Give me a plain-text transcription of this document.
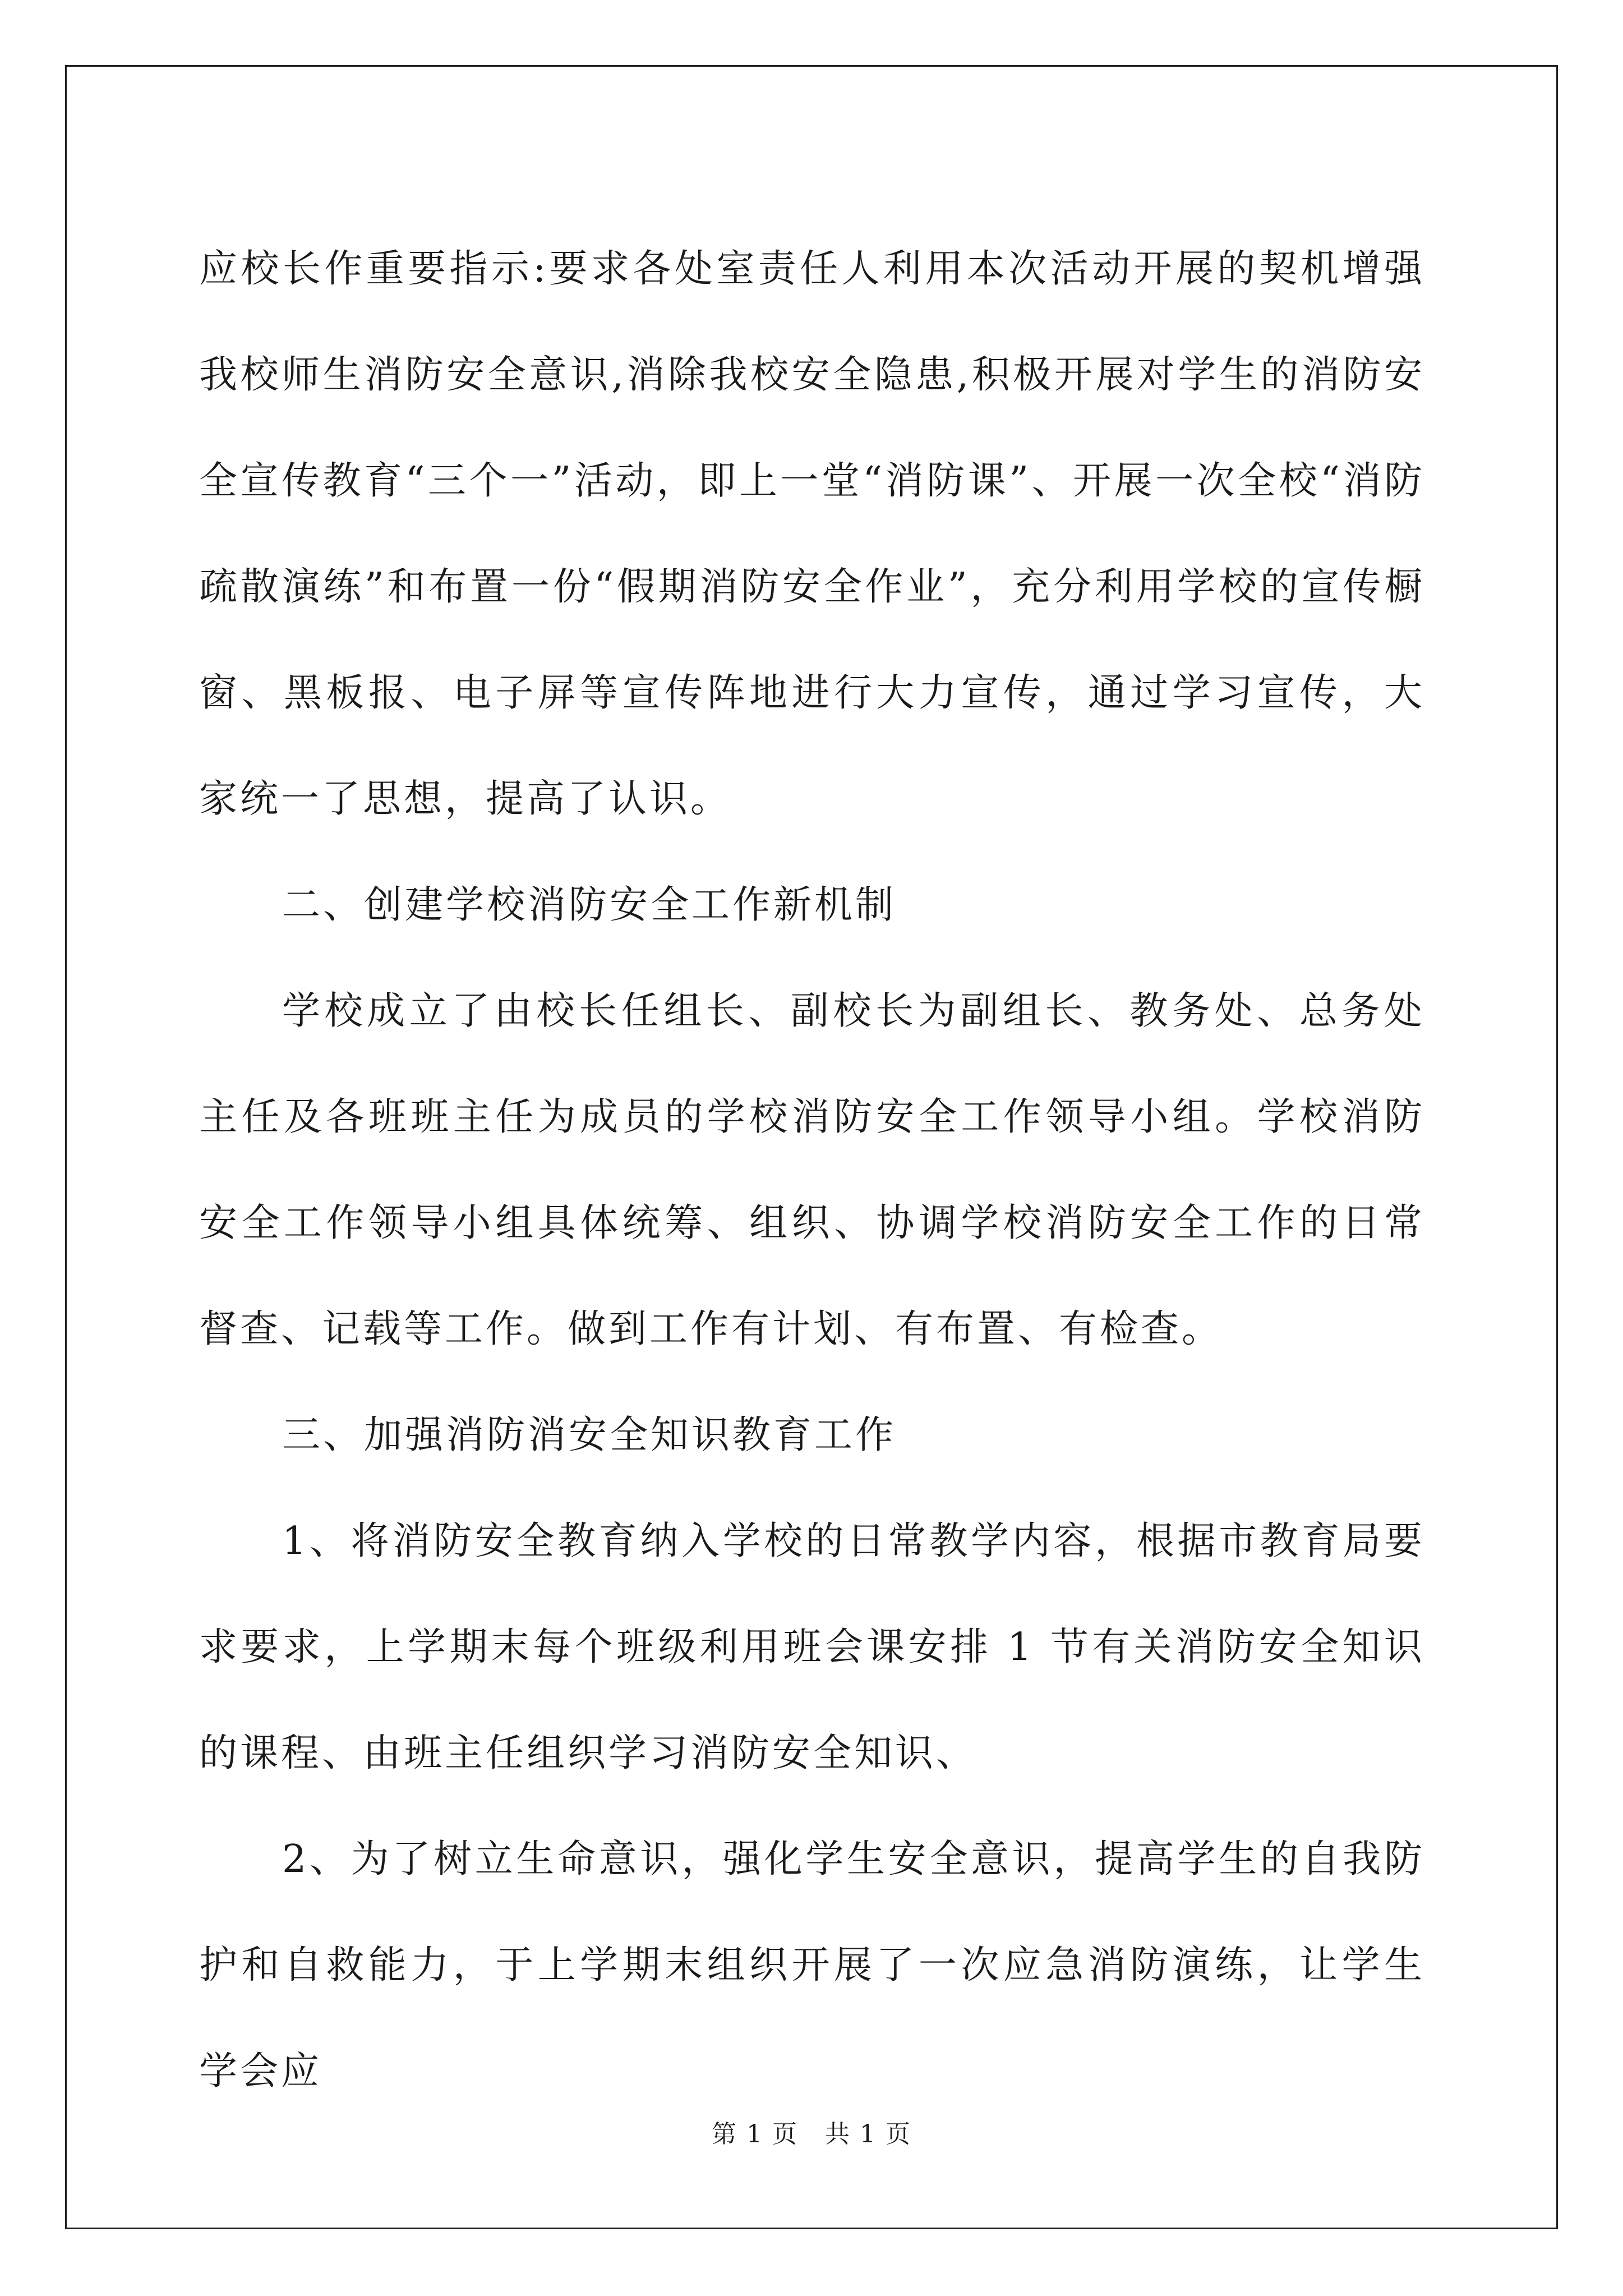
应校长作重要指示:要求各处室责任人利用本次活动开展的契机增强我校师生消防安全意识,消除我校安全隐患,积极开展对学生的消防安全宣传教育“三个一”活动，即上一堂“消防课”、开展一次全校“消防疏散演练”和布置一份“假期消防安全作业”，充分利用学校的宣传橱窗、黑板报、电子屏等宣传阵地进行大力宣传，通过学习宣传，大家统一了思想，提高了认识。

二、创建学校消防安全工作新机制

学校成立了由校长任组长、副校长为副组长、教务处、总务处主任及各班班主任为成员的学校消防安全工作领导小组。学校消防安全工作领导小组具体统筹、组织、协调学校消防安全工作的日常督查、记载等工作。做到工作有计划、有布置、有检查。

三、加强消防消安全知识教育工作

1、将消防安全教育纳入学校的日常教学内容，根据市教育局要求要求，上学期末每个班级利用班会课安排 1 节有关消防安全知识的课程、由班主任组织学习消防安全知识、

2、为了树立生命意识，强化学生安全意识，提高学生的自我防护和自救能力，于上学期末组织开展了一次应急消防演练，让学生学会应

第 1 页   共 1 页
